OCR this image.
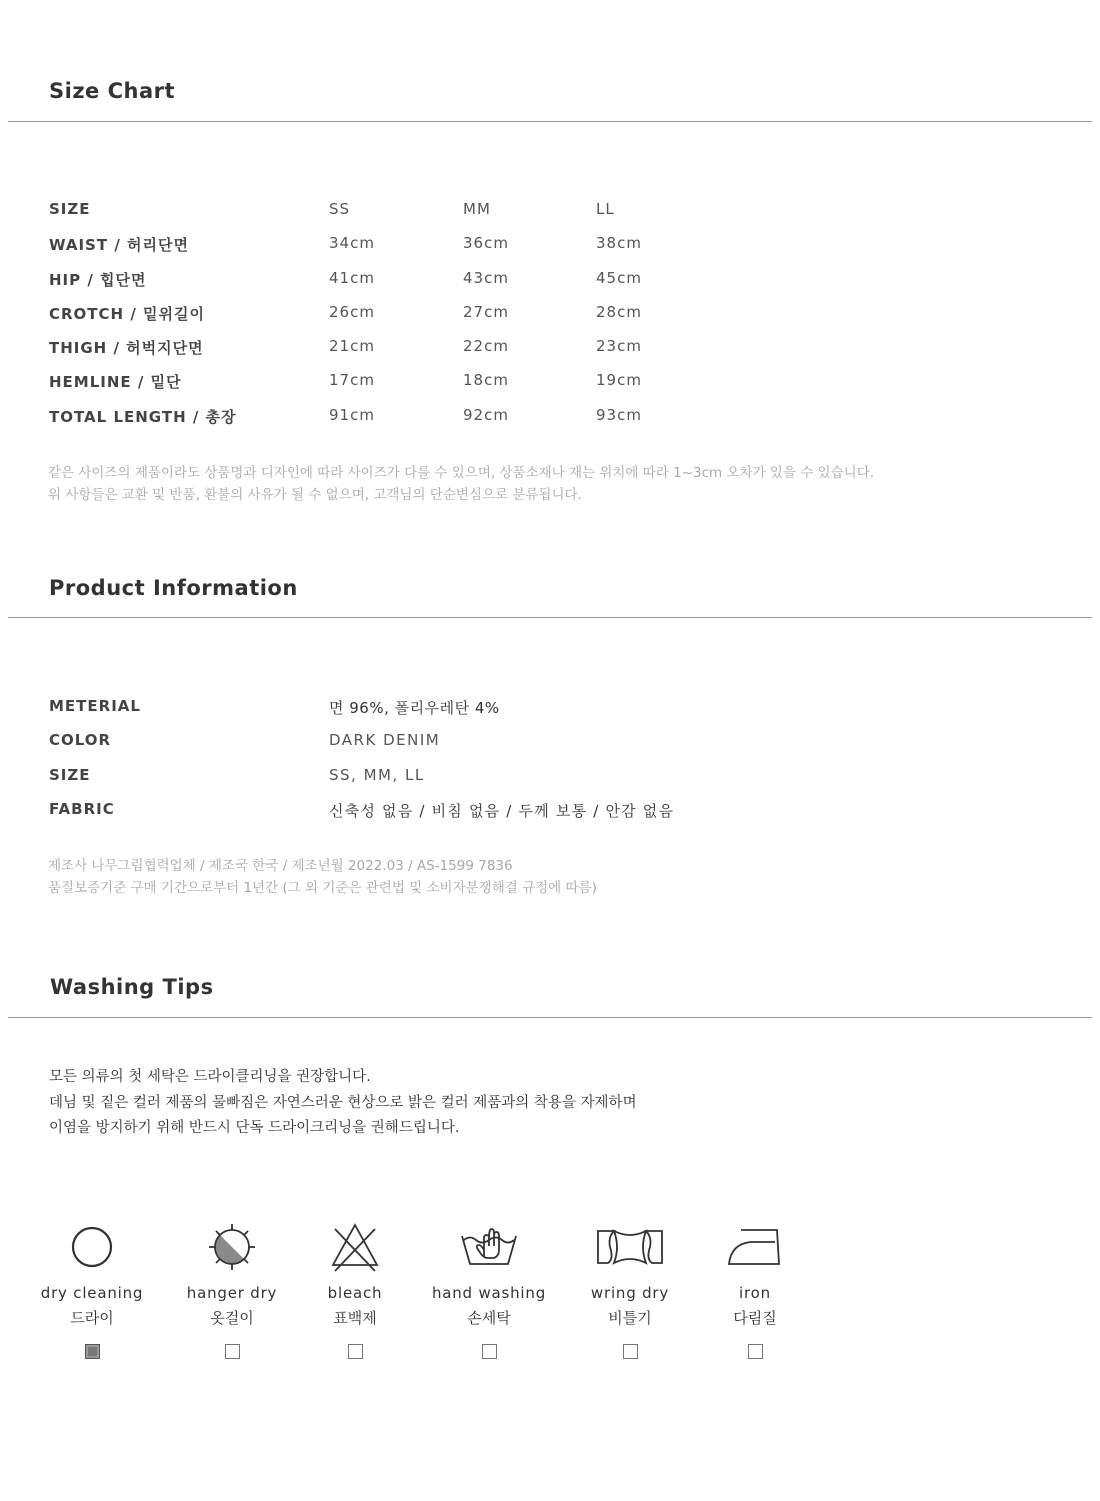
Size Chart
SIZE	SS	MM	LL
WAIST / 허리단면	34cm	36cm	38cm
HIP / 힙단면	41cm	43cm	45cm
CROTCH / 밑위길이	26cm	27cm	28cm
THIGH / 허벅지단면	21cm	22cm	23cm
HEMLINE / 밑단	17cm	18cm	19cm
TOTAL LENGTH / 총장	91cm	92cm	93cm
같은 사이즈의 제품이라도 상품명과 디자인에 따라 사이즈가 다를 수 있으며, 상품소재나 재는 위치에 따라 1~3cm 오차가 있을 수 있습니다.
위 사항들은 교환 및 반품, 환불의 사유가 될 수 없으며, 고객님의 단순변심으로 분류됩니다.
Product Information
METERIAL	면 96%, 폴리우레탄 4%
COLOR	DARK DENIM
SIZE	SS, MM, LL
FABRIC	신축성 없음 / 비침 없음 / 두께 보통 / 안감 없음
제조사 나무그림협력업체 / 제조국 한국 / 제조년월 2022.03 / AS-1599 7836
품질보증기준 구매 기간으로부터 1년간 (그 외 기준은 관련법 및 소비자분쟁해결 규정에 따름)
Washing Tips
모든 의류의 첫 세탁은 드라이클리닝을 권장합니다.
데님 및 짙은 컬러 제품의 물빠짐은 자연스러운 현상으로 밝은 컬러 제품과의 착용을 자제하며
이염을 방지하기 위해 반드시 단독 드라이크리닝을 권해드립니다.
dry cleaning
드라이
hanger dry
옷걸이
bleach
표백제
hand washing
손세탁
wring dry
비틀기
iron
다림질
